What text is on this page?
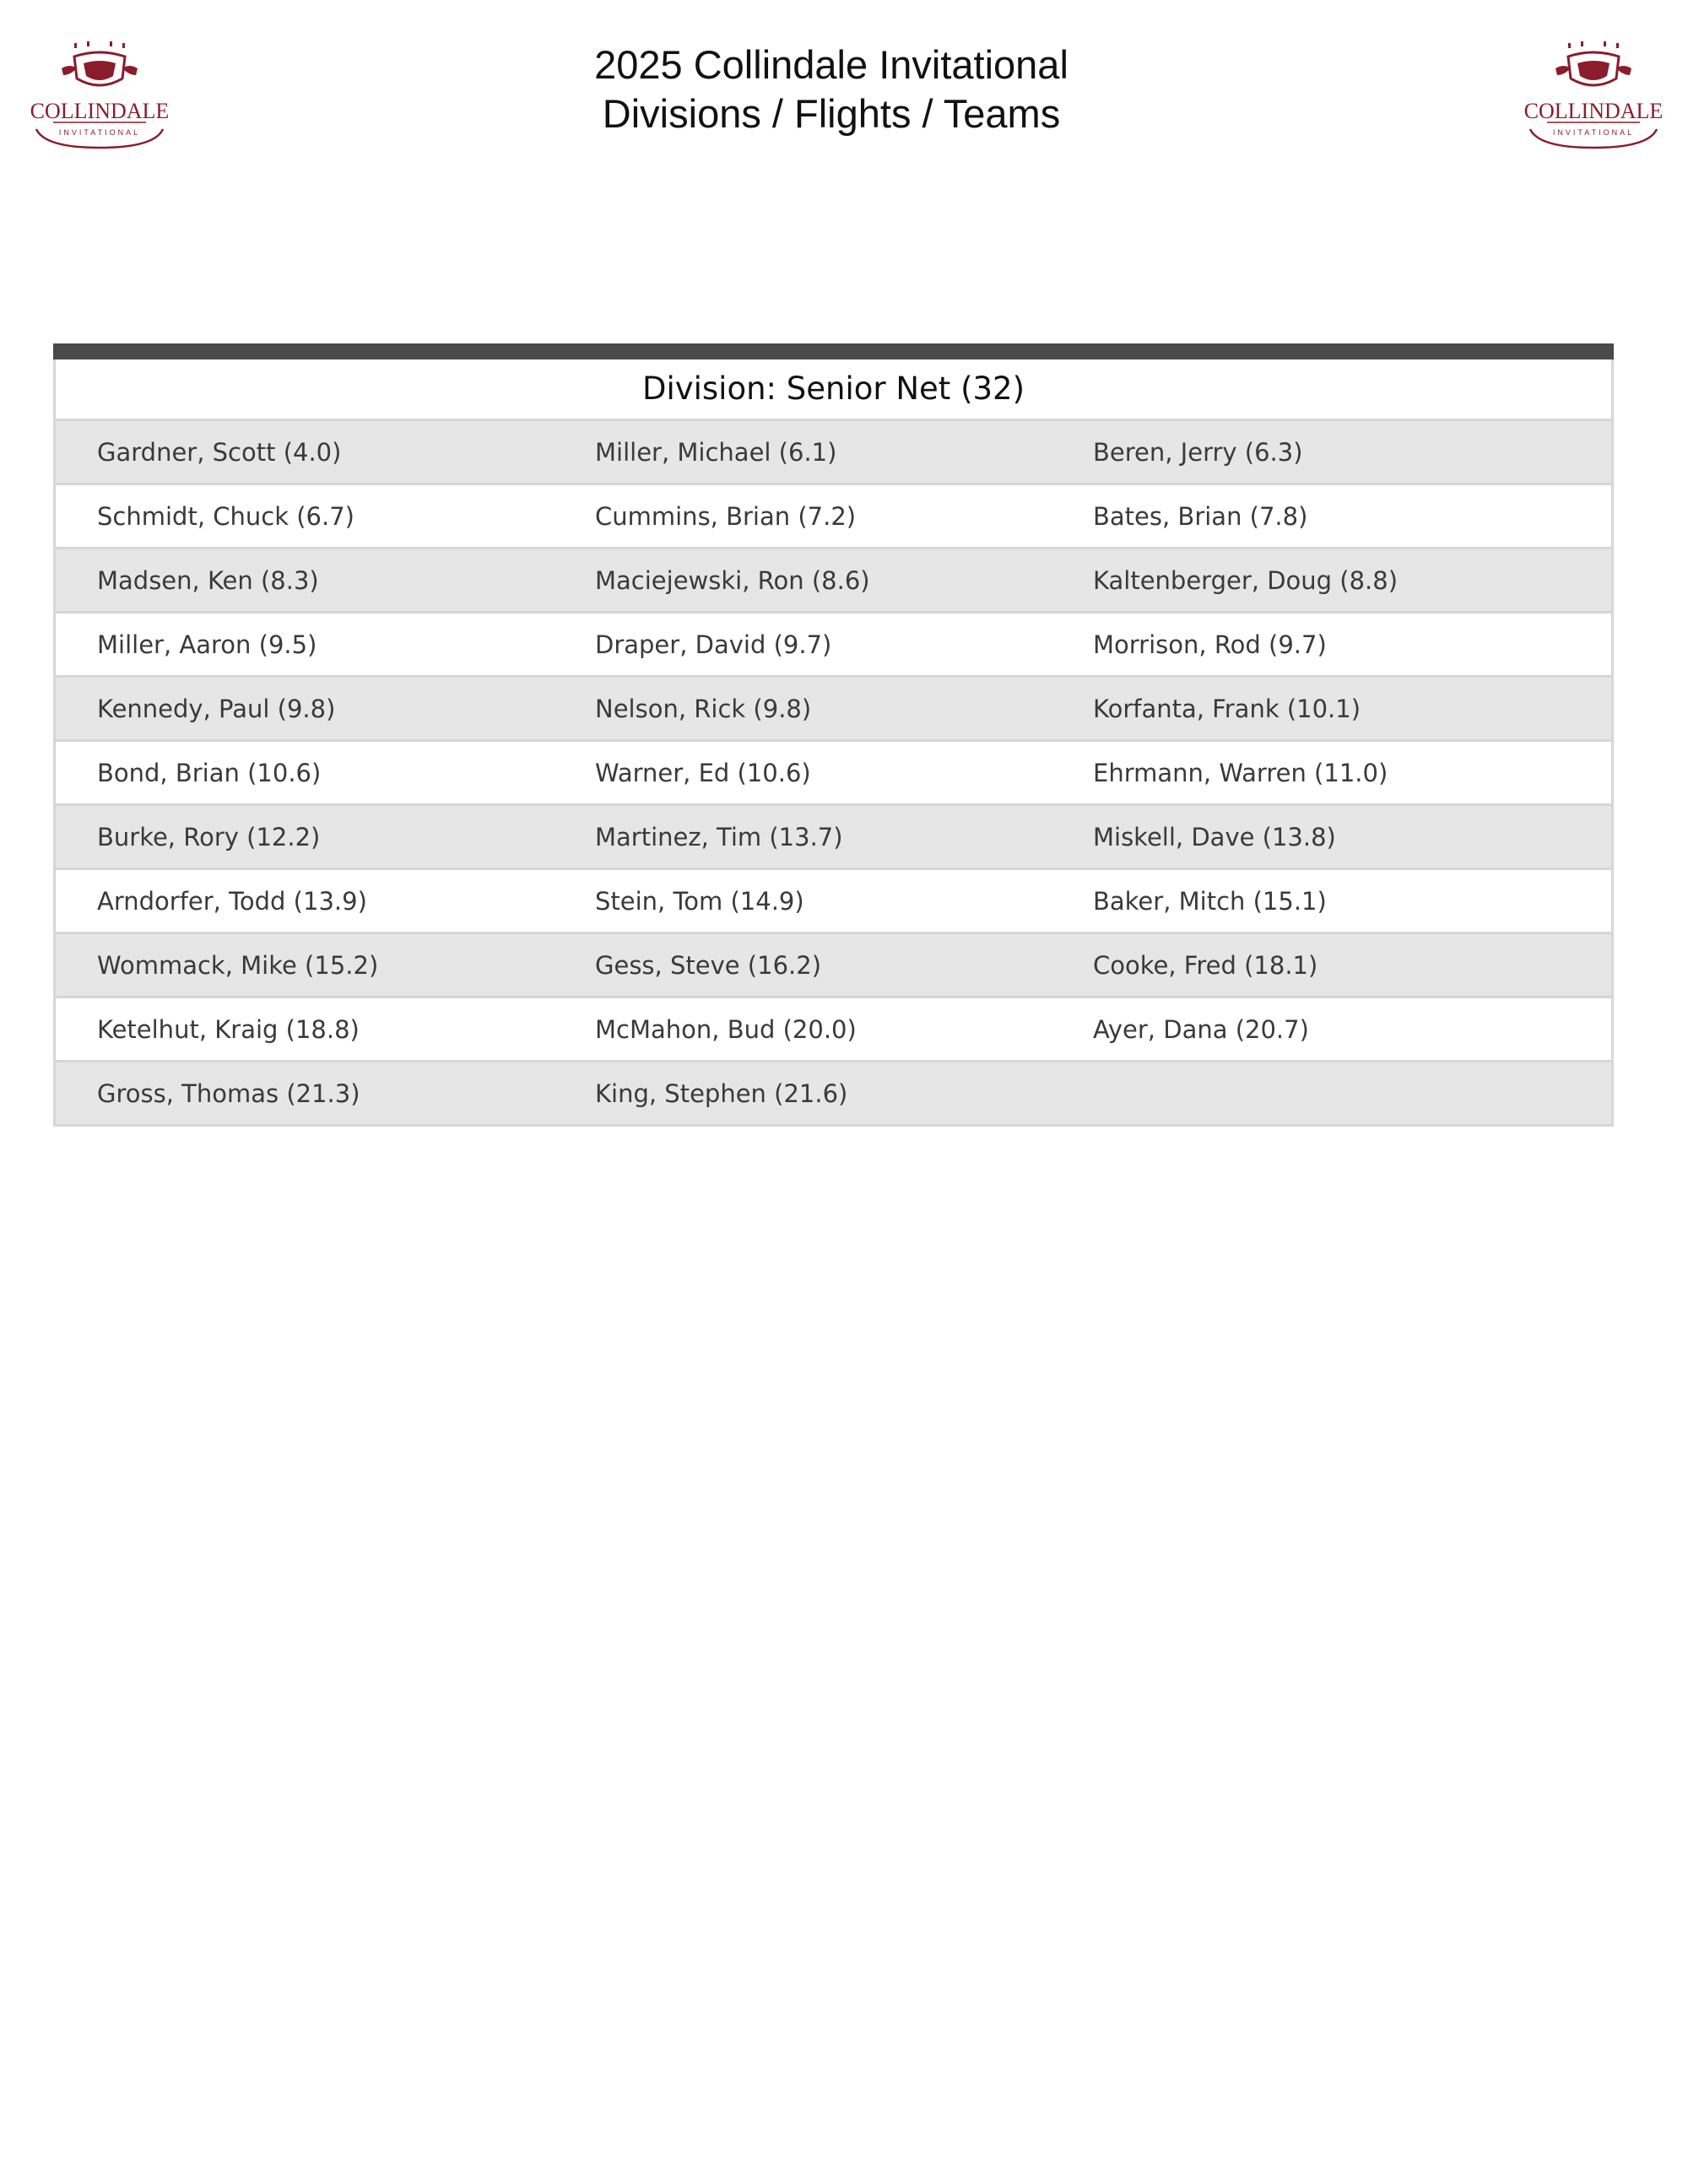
COLLINDALE
INVITATIONAL
COLLINDALE
INVITATIONAL
2025 Collindale Invitational
Divisions / Flights / Teams
Division: Senior Net (32)
Gardner, Scott (4.0)	Miller, Michael (6.1)	Beren, Jerry (6.3)
Schmidt, Chuck (6.7)	Cummins, Brian (7.2)	Bates, Brian (7.8)
Madsen, Ken (8.3)	Maciejewski, Ron (8.6)	Kaltenberger, Doug (8.8)
Miller, Aaron (9.5)	Draper, David (9.7)	Morrison, Rod (9.7)
Kennedy, Paul (9.8)	Nelson, Rick (9.8)	Korfanta, Frank (10.1)
Bond, Brian (10.6)	Warner, Ed (10.6)	Ehrmann, Warren (11.0)
Burke, Rory (12.2)	Martinez, Tim (13.7)	Miskell, Dave (13.8)
Arndorfer, Todd (13.9)	Stein, Tom (14.9)	Baker, Mitch (15.1)
Wommack, Mike (15.2)	Gess, Steve (16.2)	Cooke, Fred (18.1)
Ketelhut, Kraig (18.8)	McMahon, Bud (20.0)	Ayer, Dana (20.7)
Gross, Thomas (21.3)	King, Stephen (21.6)
